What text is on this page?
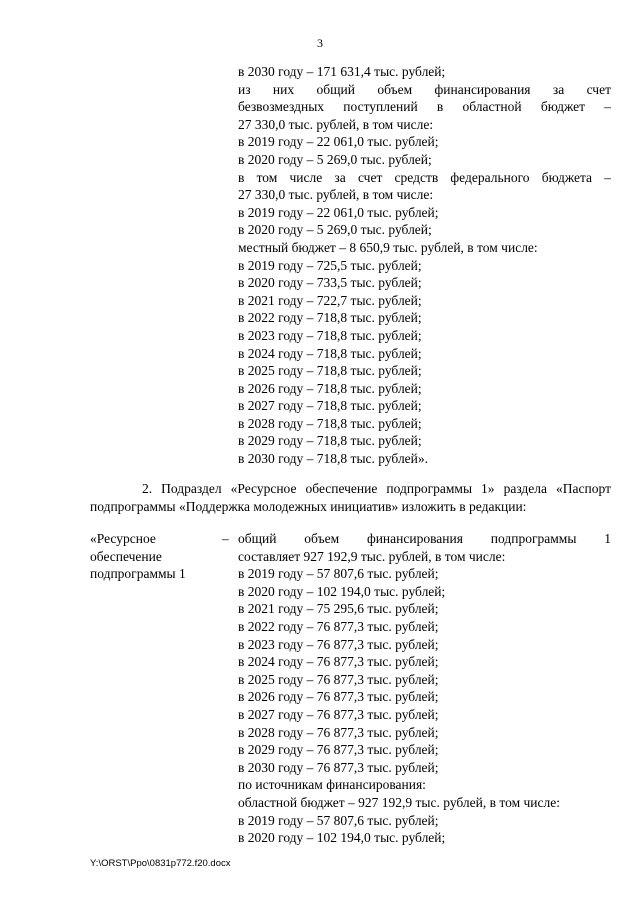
3
в 2030 году – 171 631,4 тыс. рублей;
из них общий объем финансирования за счет
безвозмездных поступлений в областной бюджет –
27 330,0 тыс. рублей, в том числе:
в 2019 году – 22 061,0 тыс. рублей;
в 2020 году – 5 269,0 тыс. рублей;
в том числе за счет средств федерального бюджета –
27 330,0 тыс. рублей, в том числе:
в 2019 году – 22 061,0 тыс. рублей;
в 2020 году – 5 269,0 тыс. рублей;
местный бюджет – 8 650,9 тыс. рублей, в том числе:
в 2019 году – 725,5 тыс. рублей;
в 2020 году – 733,5 тыс. рублей;
в 2021 году – 722,7 тыс. рублей;
в 2022 году – 718,8 тыс. рублей;
в 2023 году – 718,8 тыс. рублей;
в 2024 году – 718,8 тыс. рублей;
в 2025 году – 718,8 тыс. рублей;
в 2026 году – 718,8 тыс. рублей;
в 2027 году – 718,8 тыс. рублей;
в 2028 году – 718,8 тыс. рублей;
в 2029 году – 718,8 тыс. рублей;
в 2030 году – 718,8 тыс. рублей».
2. Подраздел «Ресурсное обеспечение подпрограммы 1» раздела «Паспорт
подпрограммы «Поддержка молодежных инициатив» изложить в редакции:
«Ресурсное
обеспечение
подпрограммы 1
– общий объем финансирования подпрограммы 1
составляет 927 192,9 тыс. рублей, в том числе:
в 2019 году – 57 807,6 тыс. рублей;
в 2020 году – 102 194,0 тыс. рублей;
в 2021 году – 75 295,6 тыс. рублей;
в 2022 году – 76 877,3 тыс. рублей;
в 2023 году – 76 877,3 тыс. рублей;
в 2024 году – 76 877,3 тыс. рублей;
в 2025 году – 76 877,3 тыс. рублей;
в 2026 году – 76 877,3 тыс. рублей;
в 2027 году – 76 877,3 тыс. рублей;
в 2028 году – 76 877,3 тыс. рублей;
в 2029 году – 76 877,3 тыс. рублей;
в 2030 году – 76 877,3 тыс. рублей;
по источникам финансирования:
областной бюджет – 927 192,9 тыс. рублей, в том числе:
в 2019 году – 57 807,6 тыс. рублей;
в 2020 году – 102 194,0 тыс. рублей;
Y:\ORST\Ppo\0831p772.f20.docx
